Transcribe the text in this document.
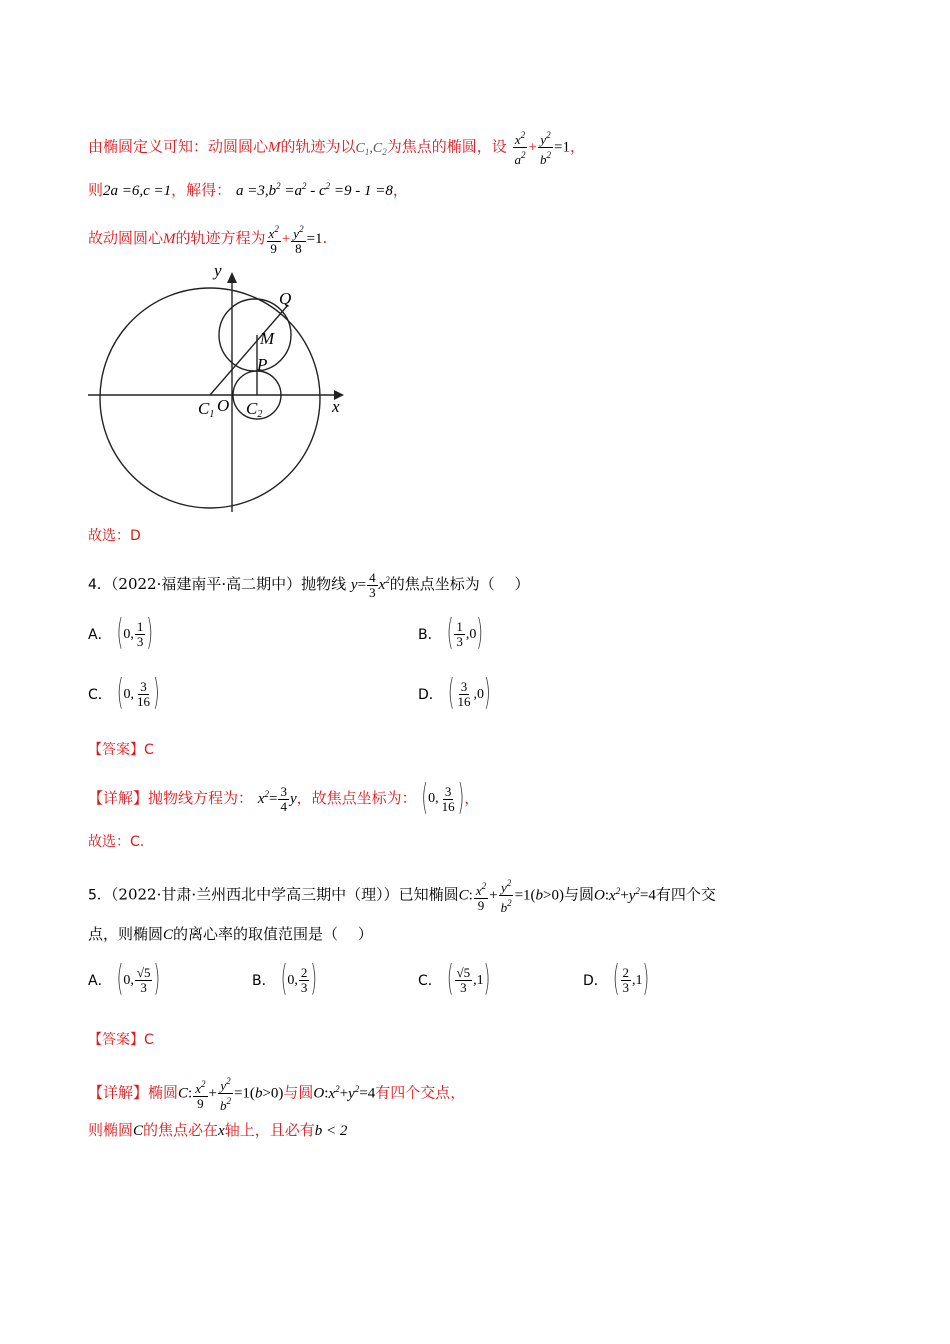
由椭圆定义可知：动圆圆心M的轨迹为以$C_1,C_2$为焦点的椭圆，设 $\frac{x^2}{a^2} + \frac{y^2}{b^2} =1$，
则2a =6,c =1，解得： $a =3,b^2 =a^2 - c^2 =9 - 1 =8$，
故动圆圆心M的轨迹方程为 $\frac{x^2}{9} + \frac{y^2}{8} =1$.
y
x
Q
M
P
C1 O C2
故选：D
4．（2022·福建南平·高二期中）抛物线 $y= \frac{4}{3} x^2$的焦点坐标为（　 ）
A． ( 0, $\frac{1}{3}$ )	B． ( $\frac{1}{3} ,0$ )
C． ( 0, $\frac{3}{16}$ )	D． ( $\frac{3}{16} ,0$ )
【答案】C
【详解】抛物线方程为： $x^2= \frac{3}{4}$ y，故焦点坐标为： ( 0, $\frac{3}{16}$ ) ，
故选：C.
5．（2022·甘肃·兰州西北中学高三期中（理））已知椭圆C: $\frac{x^2}{9} + \frac{y^2}{b^2} =1(b>0)$与圆$O:x^2+y^2=4$有四个交
点，则椭圆C的离心率的取值范围是（　 ）
A． ( 0, $\frac{√5}{3}$ )	B． ( 0, $\frac{2}{3}$ )	C． ( $\frac{√5}{3} ,1$ )	D． ( $\frac{2}{3} ,1$ )
【答案】C
【详解】椭圆C: $\frac{x^2}{9} + \frac{y^2}{b^2} =1(b>0)$与圆$O:x^2+y^2=4$有四个交点，
则椭圆C的焦点必在x轴上，且必有b < 2
